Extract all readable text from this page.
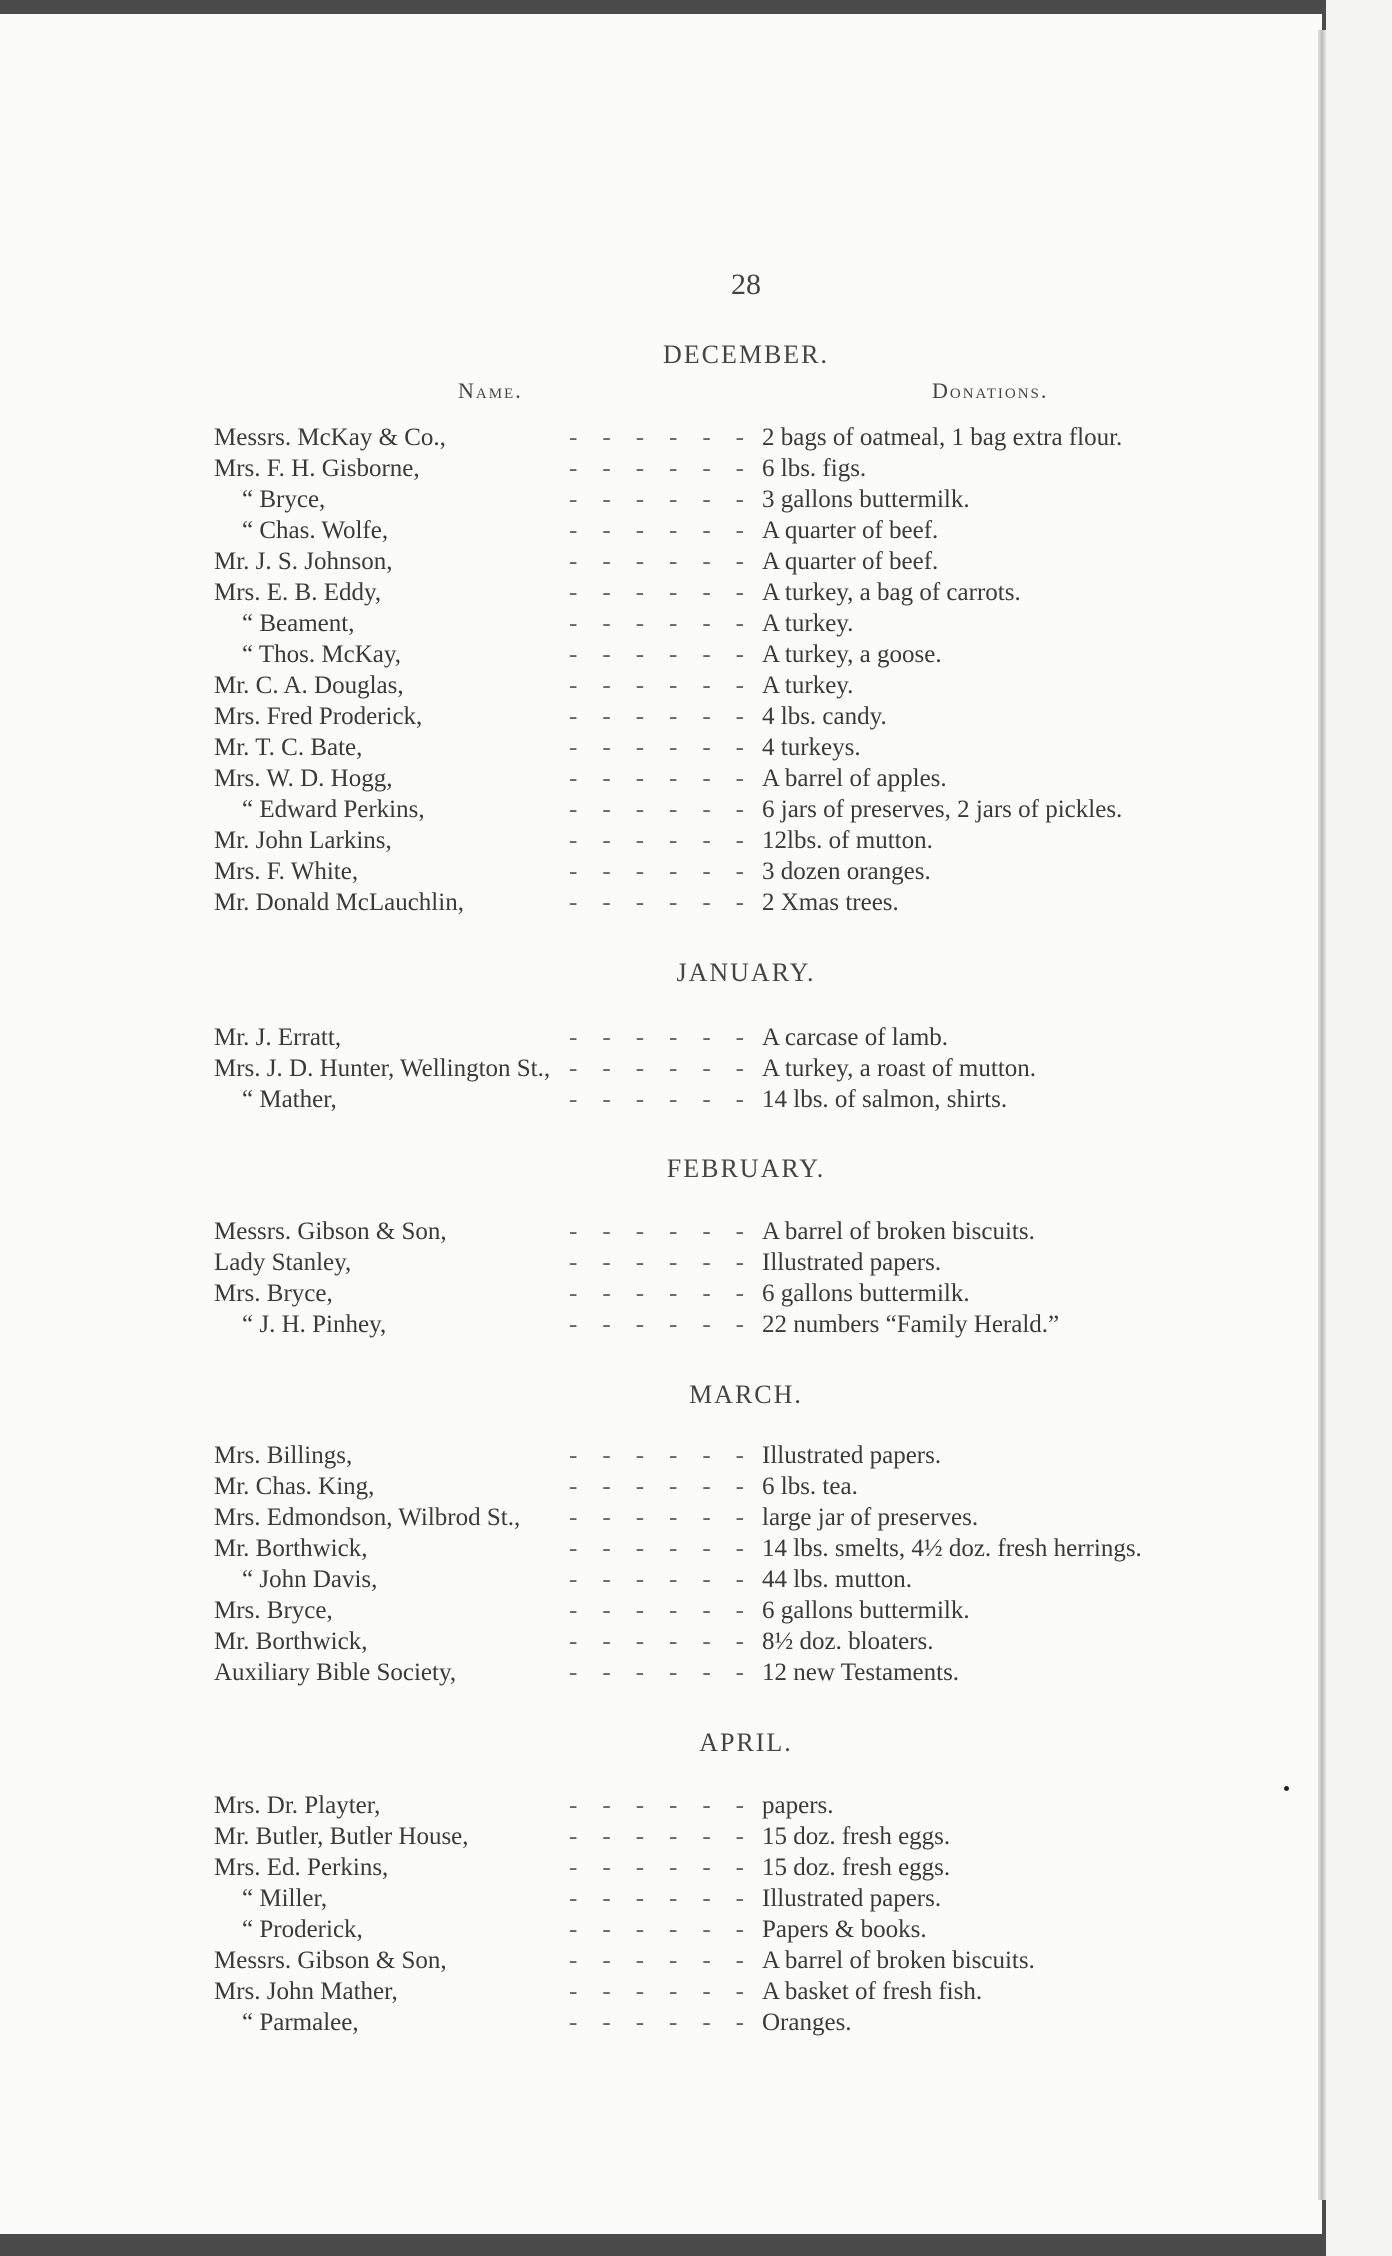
28
Name.	Donations.
DECEMBER.
- - - - - -
Messrs. McKay & Co.,	2 bags of oatmeal, 1 bag extra flour.
- - - - - -
Mrs. F. H. Gisborne,	6 lbs. figs.
- - - - - -
“ Bryce,	3 gallons buttermilk.
- - - - - -
“ Chas. Wolfe,	A quarter of beef.
- - - - - -
Mr. J. S. Johnson,	A quarter of beef.
- - - - - -
Mrs. E. B. Eddy,	A turkey, a bag of carrots.
- - - - - -
“ Beament,	A turkey.
- - - - - -
“ Thos. McKay,	A turkey, a goose.
- - - - - -
Mr. C. A. Douglas,	A turkey.
- - - - - -
Mrs. Fred Proderick,	4 lbs. candy.
- - - - - -
Mr. T. C. Bate,	4 turkeys.
- - - - - -
Mrs. W. D. Hogg,	A barrel of apples.
- - - - - -
“ Edward Perkins,	6 jars of preserves, 2 jars of pickles.
- - - - - -
Mr. John Larkins,	12lbs. of mutton.
- - - - - -
Mrs. F. White,	3 dozen oranges.
- - - - - -
Mr. Donald McLauchlin,	2 Xmas trees.
JANUARY.
- - - - - -
Mr. J. Erratt,	A carcase of lamb.
- - - - - -
Mrs. J. D. Hunter, Wellington St.,	A turkey, a roast of mutton.
- - - - - -
“ Mather,	14 lbs. of salmon, shirts.
FEBRUARY.
- - - - - -
Messrs. Gibson & Son,	A barrel of broken biscuits.
- - - - - -
Lady Stanley,	Illustrated papers.
- - - - - -
Mrs. Bryce,	6 gallons buttermilk.
- - - - - -
“ J. H. Pinhey,	22 numbers “Family Herald.”
MARCH.
- - - - - -
Mrs. Billings,	Illustrated papers.
- - - - - -
Mr. Chas. King,	6 lbs. tea.
- - - - - -
Mrs. Edmondson, Wilbrod St.,	large jar of preserves.
- - - - - -
Mr. Borthwick,	14 lbs. smelts, 4½ doz. fresh herrings.
- - - - - -
“ John Davis,	44 lbs. mutton.
- - - - - -
Mrs. Bryce,	6 gallons buttermilk.
- - - - - -
Mr. Borthwick,	8½ doz. bloaters.
- - - - - -
Auxiliary Bible Society,	12 new Testaments.
APRIL.
- - - - - -
Mrs. Dr. Playter,	papers.
- - - - - -
Mr. Butler, Butler House,	15 doz. fresh eggs.
- - - - - -
Mrs. Ed. Perkins,	15 doz. fresh eggs.
- - - - - -
“ Miller,	Illustrated papers.
- - - - - -
“ Proderick,	Papers & books.
- - - - - -
Messrs. Gibson & Son,	A barrel of broken biscuits.
- - - - - -
Mrs. John Mather,	A basket of fresh fish.
- - - - - -
“ Parmalee,	Oranges.
